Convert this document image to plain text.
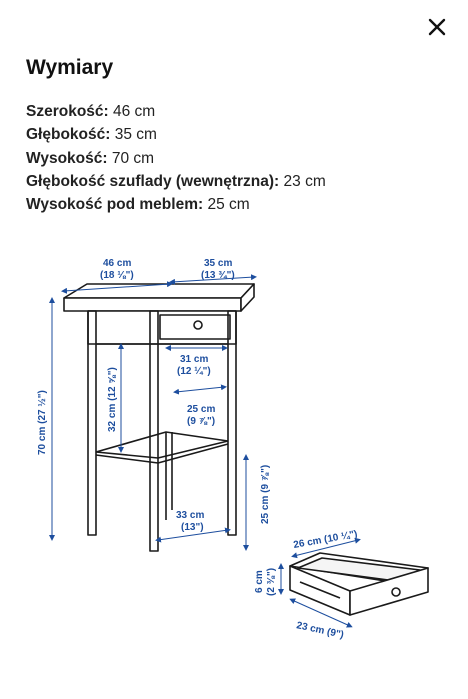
Wymiary
Szerokość: 46 cm
Głębokość: 35 cm
Wysokość: 70 cm
Głębokość szuflady (wewnętrzna): 23 cm
Wysokość pod meblem: 25 cm
46 cm
(18 ⅛")
35 cm
(13 ¾")
70 cm (27 ½")	32 cm (12 ⅝")
31 cm
(12 ¼")
25 cm
(9 ⅞")
25 cm (9 ⅞")
33 cm
(13")
26 cm (10 ¼")
6 cm (2 ⅜")
23 cm (9")
